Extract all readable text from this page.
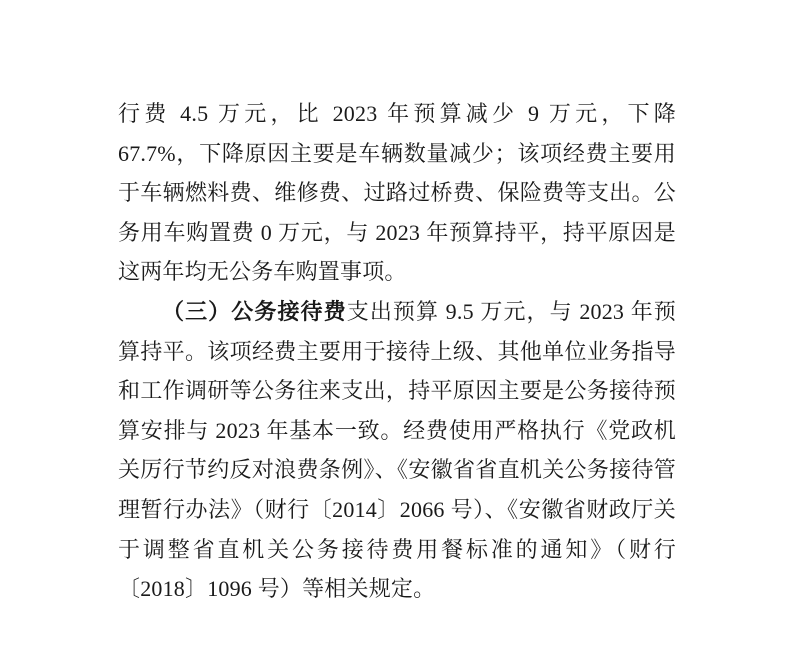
行费 4.5 万元，比 2023 年预算减少 9 万元，下降 67.7%，下降原因主要是车辆数量减少；该项经费主要用于车辆燃料费、维修费、过路过桥费、保险费等支出。公务用车购置费 0 万元，与 2023 年预算持平，持平原因是这两年均无公务车购置事项。

（三）公务接待费支出预算 9.5 万元，与 2023 年预算持平。该项经费主要用于接待上级、其他单位业务指导和工作调研等公务往来支出，持平原因主要是公务接待预算安排与 2023 年基本一致。经费使用严格执行《党政机关厉行节约反对浪费条例》、《安徽省省直机关公务接待管理暂行办法》（财行〔2014〕2066 号）、《安徽省财政厅关于调整省直机关公务接待费用餐标准的通知》（财行〔2018〕1096 号）等相关规定。
